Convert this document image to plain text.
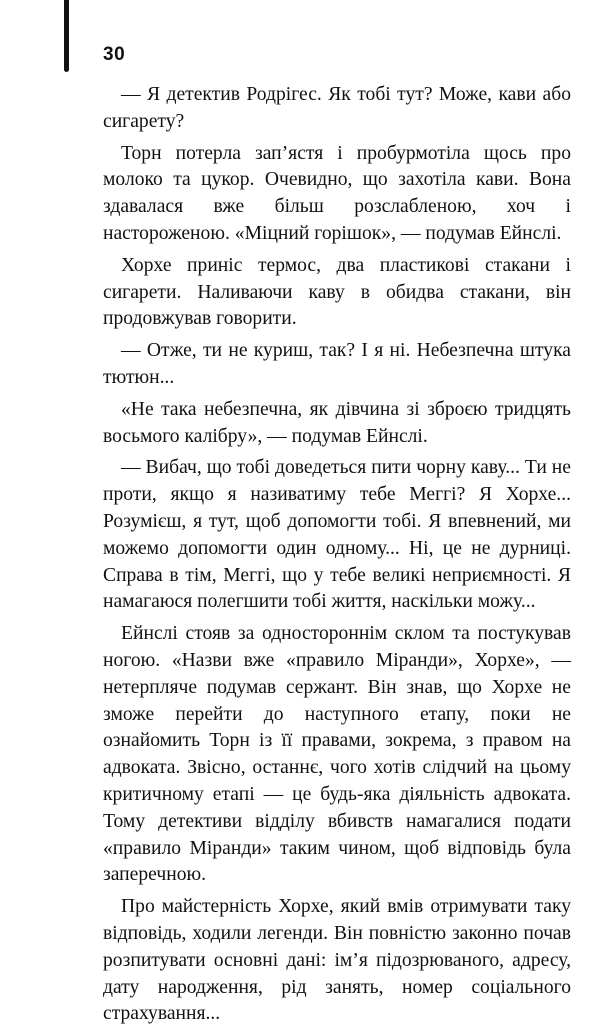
30

— Я детектив Родрігес. Як тобі тут? Може, кави або сигарету?

Торн потерла зап’ястя і пробурмотіла щось про молоко та цукор. Очевидно, що захотіла кави. Вона здавалася вже більш розслабленою, хоч і настороженою. «Міцний горішок», — подумав Ейнслі.

Хорхе приніс термос, два пластикові стакани і сигарети. Наливаючи каву в обидва стакани, він продовжував говорити.

— Отже, ти не куриш, так? І я ні. Небезпечна штука тютюн...

«Не така небезпечна, як дівчина зі зброєю тридцять восьмого калібру», — подумав Ейнслі.

— Вибач, що тобі доведеться пити чорну каву... Ти не проти, якщо я називатиму тебе Меггі? Я Хорхе... Розумієш, я тут, щоб допомогти тобі. Я впевнений, ми можемо допомогти один одному... Ні, це не дурниці. Справа в тім, Меггі, що у тебе великі неприємності. Я намагаюся полегшити тобі життя, наскільки можу...

Ейнслі стояв за одностороннім склом та постукував ногою. «Назви вже «правило Міранди», Хорхе», — нетерпляче подумав сержант. Він знав, що Хорхе не зможе перейти до наступного етапу, поки не ознайомить Торн із її правами, зокрема, з правом на адвоката. Звісно, останнє, чого хотів слідчий на цьому критичному етапі — це будь-яка діяльність адвоката. Тому детективи відділу вбивств намагалися подати «правило Міранди» таким чином, щоб відповідь була заперечною.

Про майстерність Хорхе, який вмів отримувати таку відповідь, ходили легенди. Він повністю законно почав розпитувати основні дані: ім’я підозрюваного, адресу, дату народження, рід занять, номер соціального страхування...
